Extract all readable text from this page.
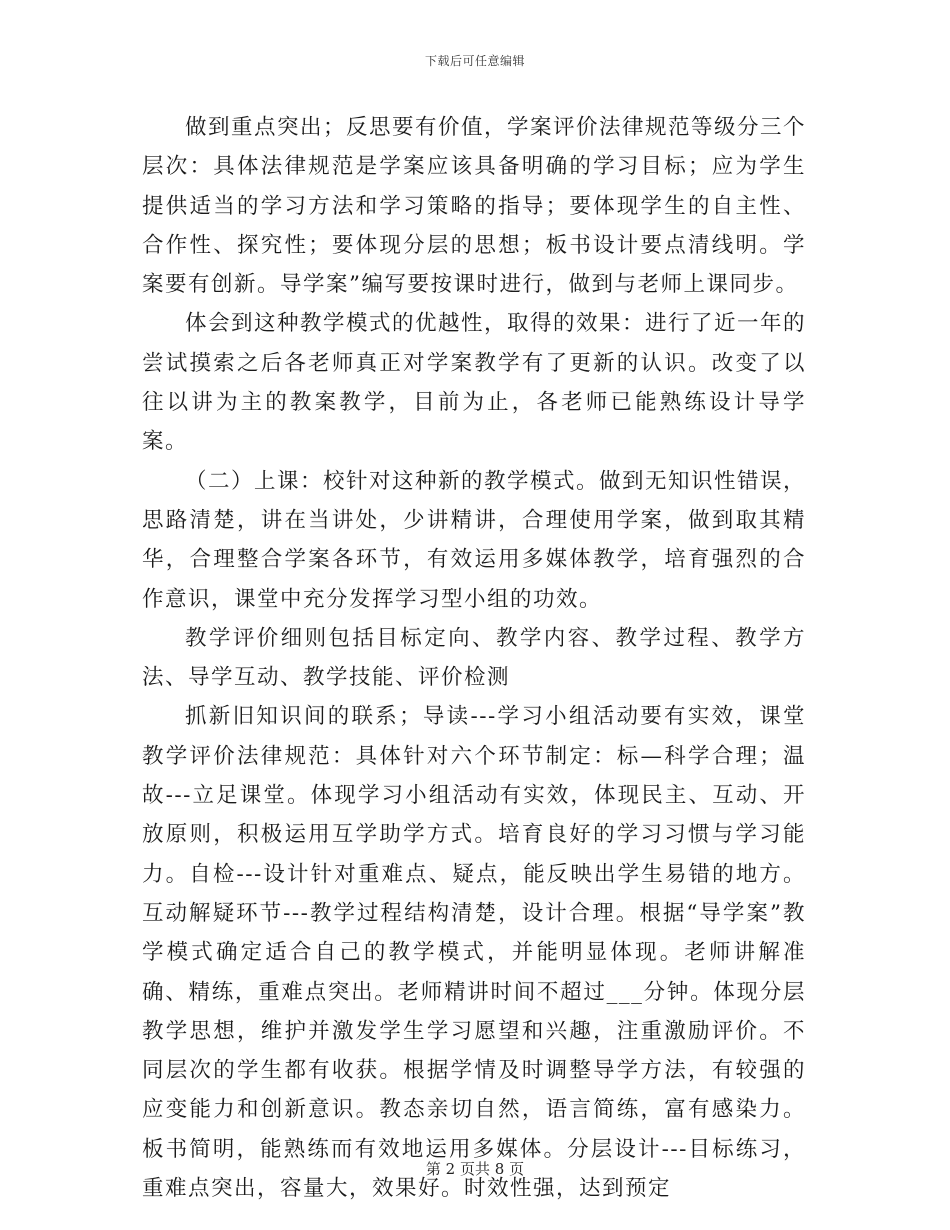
下载后可任意编辑

做到重点突出；反思要有价值，学案评价法律规范等级分三个层次：具体法律规范是学案应该具备明确的学习目标；应为学生提供适当的学习方法和学习策略的指导；要体现学生的自主性、合作性、探究性；要体现分层的思想；板书设计要点清线明。学案要有创新。导学案”编写要按课时进行，做到与老师上课同步。

体会到这种教学模式的优越性，取得的效果：进行了近一年的尝试摸索之后各老师真正对学案教学有了更新的认识。改变了以往以讲为主的教案教学，目前为止，各老师已能熟练设计导学案。

（二）上课：校针对这种新的教学模式。做到无知识性错误，思路清楚，讲在当讲处，少讲精讲，合理使用学案，做到取其精华，合理整合学案各环节，有效运用多媒体教学，培育强烈的合作意识，课堂中充分发挥学习型小组的功效。

教学评价细则包括目标定向、教学内容、教学过程、教学方法、导学互动、教学技能、评价检测

抓新旧知识间的联系；导读---学习小组活动要有实效，课堂教学评价法律规范：具体针对六个环节制定：标—科学合理；温故---立足课堂。体现学习小组活动有实效，体现民主、互动、开放原则，积极运用互学助学方式。培育良好的学习习惯与学习能力。自检---设计针对重难点、疑点，能反映出学生易错的地方。互动解疑环节---教学过程结构清楚，设计合理。根据“导学案”教学模式确定适合自己的教学模式，并能明显体现。老师讲解准确、精练，重难点突出。老师精讲时间不超过___分钟。体现分层教学思想，维护并激发学生学习愿望和兴趣，注重激励评价。不同层次的学生都有收获。根据学情及时调整导学方法，有较强的应变能力和创新意识。教态亲切自然，语言简练，富有感染力。板书简明，能熟练而有效地运用多媒体。分层设计---目标练习，重难点突出，容量大，效果好。时效性强，达到预定

第 2 页共 8 页
